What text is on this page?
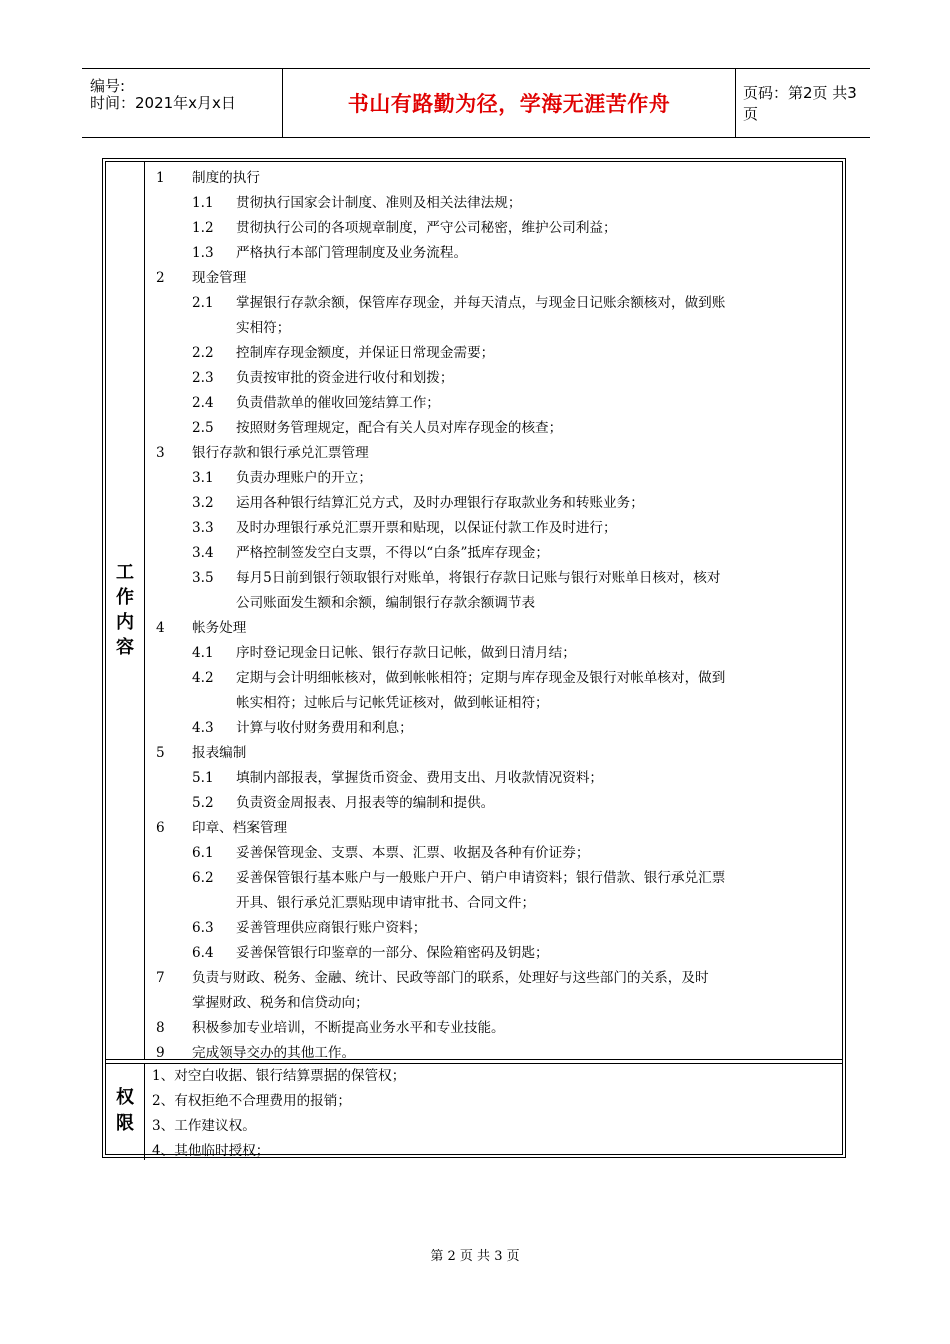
编号:
时间：2021年x月x日	书山有路勤为径，学海无涯苦作舟	页码：第2页 共3页
工
作
内
容
1 制度的执行
1.1 贯彻执行国家会计制度、准则及相关法律法规；
1.2 贯彻执行公司的各项规章制度，严守公司秘密，维护公司利益；
1.3 严格执行本部门管理制度及业务流程。
2 现金管理
2.1 掌握银行存款余额，保管库存现金，并每天清点，与现金日记账余额核对，做到账
实相符；
2.2 控制库存现金额度，并保证日常现金需要；
2.3 负责按审批的资金进行收付和划拨；
2.4 负责借款单的催收回笼结算工作；
2.5 按照财务管理规定，配合有关人员对库存现金的核查；
3 银行存款和银行承兑汇票管理
3.1 负责办理账户的开立；
3.2 运用各种银行结算汇兑方式，及时办理银行存取款业务和转账业务；
3.3 及时办理银行承兑汇票开票和贴现，以保证付款工作及时进行；
3.4 严格控制签发空白支票，不得以“白条”抵库存现金；
3.5 每月5日前到银行领取银行对账单，将银行存款日记账与银行对账单日核对，核对
公司账面发生额和余额，编制银行存款余额调节表
4 帐务处理
4.1 序时登记现金日记帐、银行存款日记帐，做到日清月结；
4.2 定期与会计明细帐核对，做到帐帐相符；定期与库存现金及银行对帐单核对，做到
帐实相符；过帐后与记帐凭证核对，做到帐证相符；
4.3 计算与收付财务费用和利息；
5 报表编制
5.1 填制内部报表，掌握货币资金、费用支出、月收款情况资料；
5.2 负责资金周报表、月报表等的编制和提供。
6 印章、档案管理
6.1 妥善保管现金、支票、本票、汇票、收据及各种有价证券；
6.2 妥善保管银行基本账户与一般账户开户、销户申请资料；银行借款、银行承兑汇票
开具、银行承兑汇票贴现申请审批书、合同文件；
6.3 妥善管理供应商银行账户资料；
6.4 妥善保管银行印鉴章的一部分、保险箱密码及钥匙；
7 负责与财政、税务、金融、统计、民政等部门的联系，处理好与这些部门的关系，及时
掌握财政、税务和信贷动向；
8 积极参加专业培训，不断提高业务水平和专业技能。
9 完成领导交办的其他工作。
权
限
1、对空白收据、银行结算票据的保管权；
2、有权拒绝不合理费用的报销；
3、工作建议权。
4、其他临时授权；
第 2 页 共 3 页
